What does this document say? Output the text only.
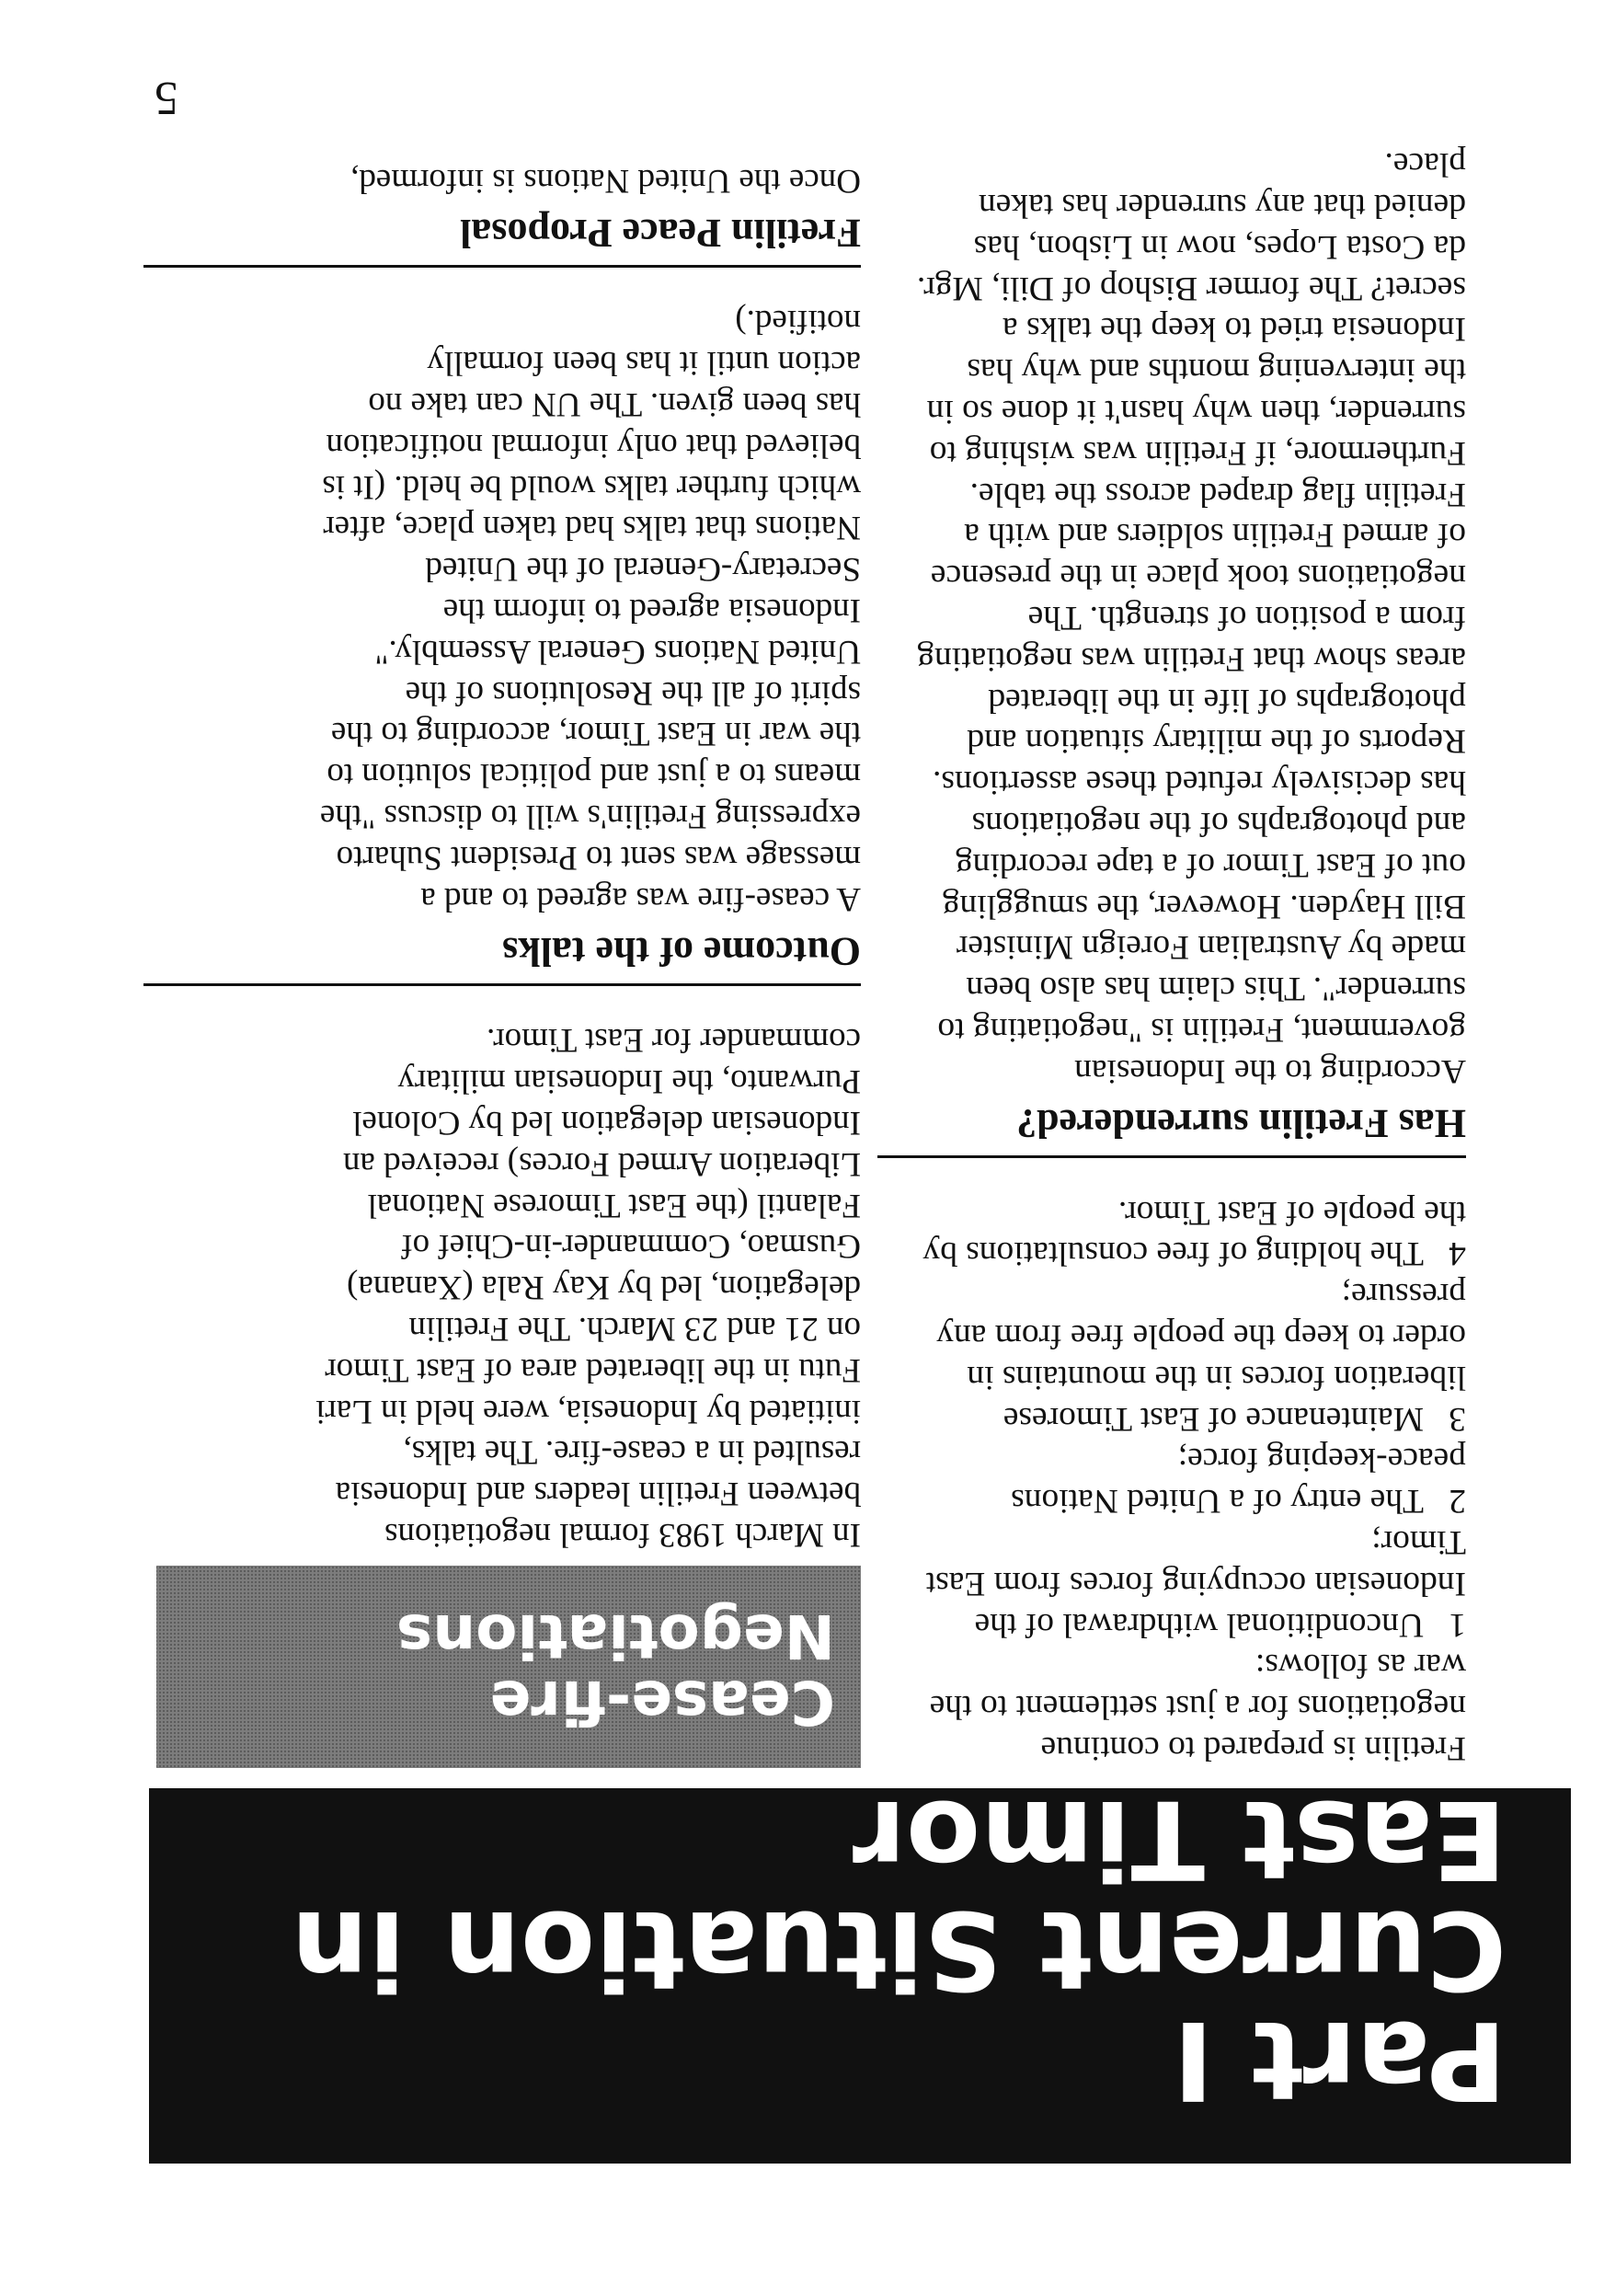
5
Part I
Current Situation in
East Timor
Cease-fire
Negotiations
Fretilin is prepared to continue
negotiations for a just settlement to the
war as follows:
1Unconditional withdrawal of the
Indonesian occupying forces from East
Timor;
2The entry of a United Nations
peace-keeping force;
3Maintenance of East Timorese
liberation forces in the mountains in
order to keep the people free from any
pressure;
4The holding of free consultations by
the people of East Timor.
Has Fretilin surrendered?
According to the Indonesian
government, Fretilin is "negotiating to
surrender". This claim has also been
made by Australian Foreign Minister
Bill Hayden. However, the smuggling
out of East Timor of a tape recording
and photographs of the negotiations
has decisively refuted these assertions.
Reports of the military situation and
photographs of life in the liberated
areas show that Fretilin was negotiating
from a position of strength. The
negotiations took place in the presence
of armed Fretilin soldiers and with a
Fretilin flag draped across the table.
Furthermore, if Fretilin was wishing to
surrender, then why hasn't it done so in
the intervening months and why has
Indonesia tried to keep the talks a
secret? The former Bishop of Dili, Mgr.
da Costa Lopes, now in Lisbon, has
denied that any surrender has taken
place.
In March 1983 formal negotiations
between Fretilin leaders and Indonesia
resulted in a cease-fire. The talks,
initiated by Indonesia, were held in Lari
Futu in the liberated area of East Timor
on 21 and 23 March. The Fretilin
delegation, led by Kay Rala (Xanana)
Gusmao, Commander-in-Chief of
Falantil (the East Timorese National
Liberation Armed Forces) received an
Indonesian delegation led by Colonel
Purwanto, the Indonesian military
commander for East Timor.
Outcome of the talks
A cease-fire was agreed to and a
message was sent to President Suharto
expressing Fretilin's will to discuss "the
means to a just and political solution to
the war in East Timor, according to the
spirit of all the Resolutions of the
United Nations General Assembly."
Indonesia agreed to inform the
Secretary-General of the United
Nations that talks had taken place, after
which further talks would be held. (It is
believed that only informal notification
has been given. The UN can take no
action until it has been formally
notified.)
Fretilin Peace Proposal
Once the United Nations is informed,
